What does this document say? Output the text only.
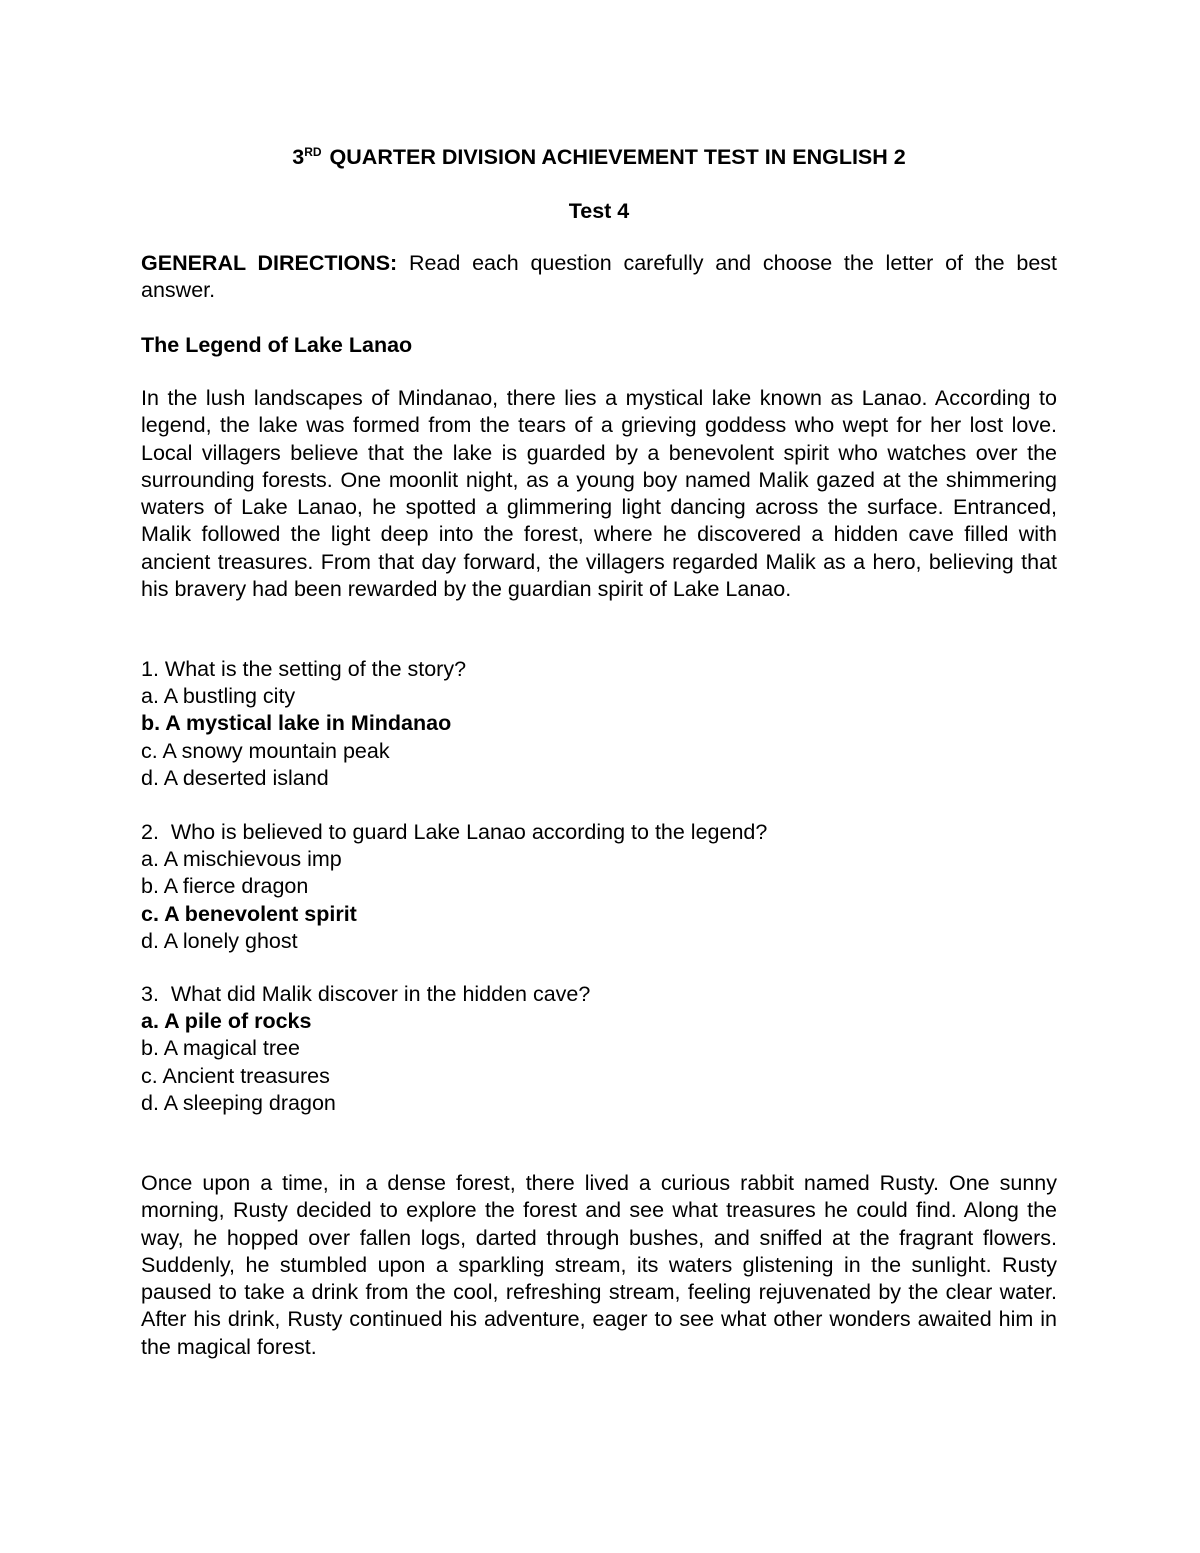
3RD QUARTER DIVISION ACHIEVEMENT TEST IN ENGLISH 2
Test 4
GENERAL DIRECTIONS: Read each question carefully and choose the letter of the best answer.
The Legend of Lake Lanao
In the lush landscapes of Mindanao, there lies a mystical lake known as Lanao. According to legend, the lake was formed from the tears of a grieving goddess who wept for her lost love. Local villagers believe that the lake is guarded by a benevolent spirit who watches over the surrounding forests. One moonlit night, as a young boy named Malik gazed at the shimmering waters of Lake Lanao, he spotted a glimmering light dancing across the surface. Entranced, Malik followed the light deep into the forest, where he discovered a hidden cave filled with ancient treasures. From that day forward, the villagers regarded Malik as a hero, believing that his bravery had been rewarded by the guardian spirit of Lake Lanao.
1. What is the setting of the story?
a. A bustling city
b. A mystical lake in Mindanao
c. A snowy mountain peak
d. A deserted island
2.  Who is believed to guard Lake Lanao according to the legend?
a. A mischievous imp
b. A fierce dragon
c. A benevolent spirit
d. A lonely ghost
3.  What did Malik discover in the hidden cave?
a. A pile of rocks
b. A magical tree
c. Ancient treasures
d. A sleeping dragon
Once upon a time, in a dense forest, there lived a curious rabbit named Rusty. One sunny morning, Rusty decided to explore the forest and see what treasures he could find. Along the way, he hopped over fallen logs, darted through bushes, and sniffed at the fragrant flowers. Suddenly, he stumbled upon a sparkling stream, its waters glistening in the sunlight. Rusty paused to take a drink from the cool, refreshing stream, feeling rejuvenated by the clear water. After his drink, Rusty continued his adventure, eager to see what other wonders awaited him in the magical forest.
